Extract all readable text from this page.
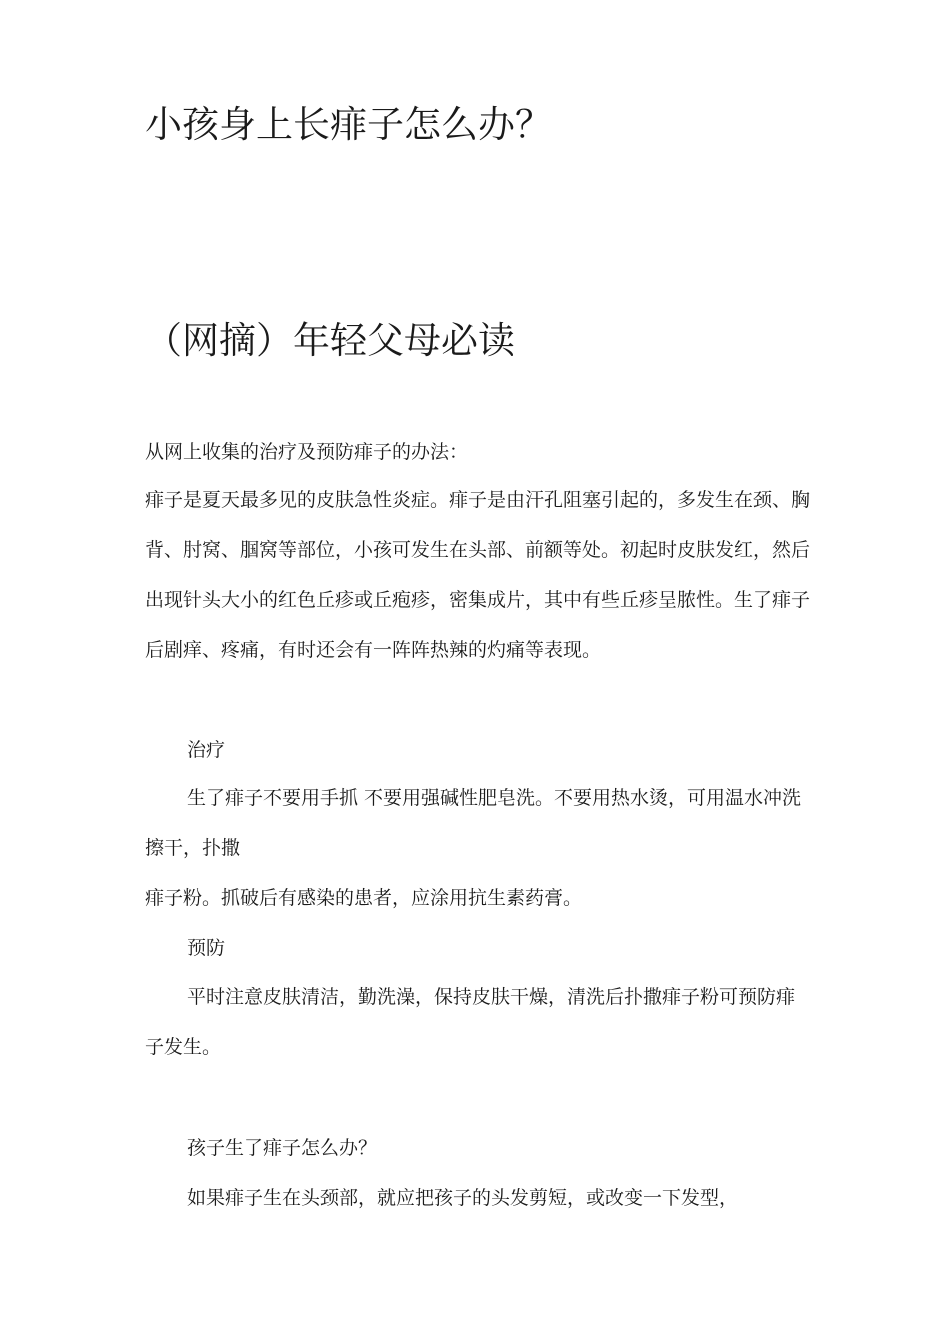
小孩身上长痱子怎么办？
（网摘）年轻父母必读
从网上收集的治疗及预防痱子的办法：

痱子是夏天最多见的皮肤急性炎症。痱子是由汗孔阻塞引起的，多发生在颈、胸背、肘窝、腘窝等部位，小孩可发生在头部、前额等处。初起时皮肤发红，然后出现针头大小的红色丘疹或丘疱疹，密集成片，其中有些丘疹呈脓性。生了痱子后剧痒、疼痛，有时还会有一阵阵热辣的灼痛等表现。

治疗

生了痱子不要用手抓 不要用强碱性肥皂洗。不要用热水烫，可用温水冲洗擦干，扑撒

痱子粉。抓破后有感染的患者，应涂用抗生素药膏。
预防

平时注意皮肤清洁，勤洗澡，保持皮肤干燥，清洗后扑撒痱子粉可预防痱子发生。

孩子生了痱子怎么办？
如果痱子生在头颈部，就应把孩子的头发剪短，或改变一下发型，
